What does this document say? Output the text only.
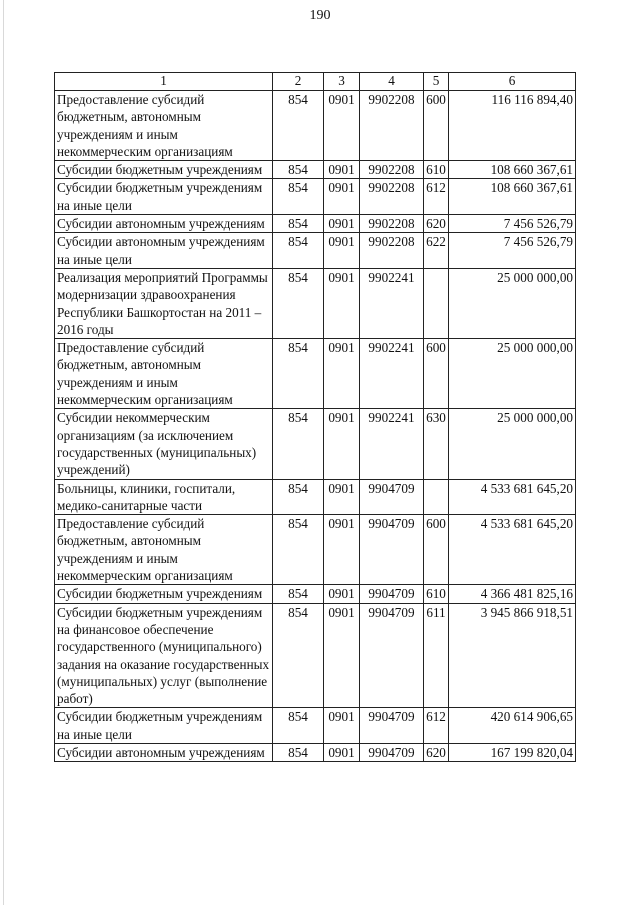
190
1	2	3	4	5	6
Предоставление субсидий бюджетным, автономным учреждениям и иным некоммерческим организациям	854	0901	9902208	600	116 116 894,40
Субсидии бюджетным учреждениям	854	0901	9902208	610	108 660 367,61
Субсидии бюджетным учреждениям на иные цели	854	0901	9902208	612	108 660 367,61
Субсидии автономным учреждениям	854	0901	9902208	620	7 456 526,79
Субсидии автономным учреждениям на иные цели	854	0901	9902208	622	7 456 526,79
Реализация мероприятий Программы модернизации здравоохранения Республики Башкортостан на 2011 – 2016 годы	854	0901	9902241		25 000 000,00
Предоставление субсидий бюджетным, автономным учреждениям и иным некоммерческим организациям	854	0901	9902241	600	25 000 000,00
Субсидии некоммерческим организациям (за исключением государственных (муниципальных) учреждений)	854	0901	9902241	630	25 000 000,00
Больницы, клиники, госпитали, медико-санитарные части	854	0901	9904709		4 533 681 645,20
Предоставление субсидий бюджетным, автономным учреждениям и иным некоммерческим организациям	854	0901	9904709	600	4 533 681 645,20
Субсидии бюджетным учреждениям	854	0901	9904709	610	4 366 481 825,16
Субсидии бюджетным учреждениям на финансовое обеспечение государственного (муниципального) задания на оказание государственных (муниципальных) услуг (выполнение работ)	854	0901	9904709	611	3 945 866 918,51
Субсидии бюджетным учреждениям на иные цели	854	0901	9904709	612	420 614 906,65
Субсидии автономным учреждениям	854	0901	9904709	620	167 199 820,04
